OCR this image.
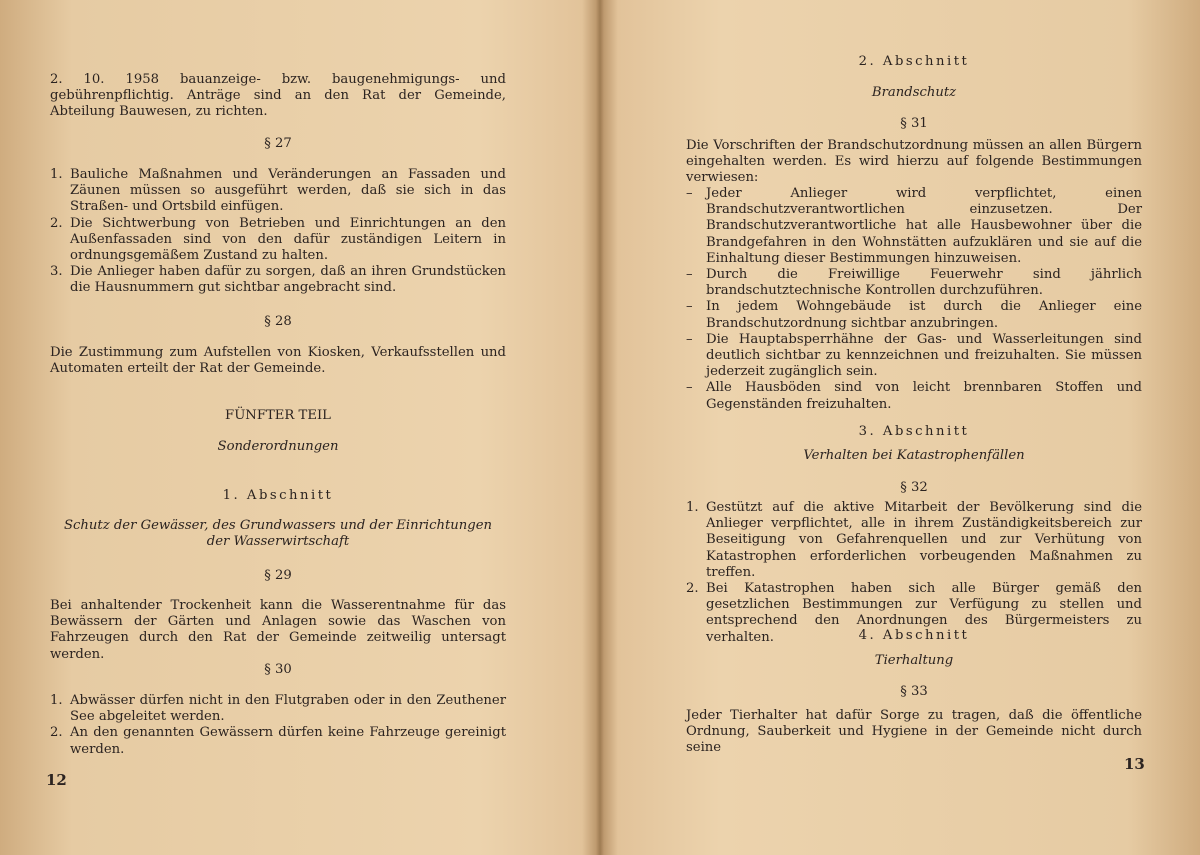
2. 10. 1958 bauanzeige- bzw. baugenehmigungs- und gebührenpflichtig. Anträge sind an den Rat der Gemeinde, Abteilung Bauwesen, zu richten.

§ 27

1. Bauliche Maßnahmen und Veränderungen an Fassaden und Zäunen müssen so ausgeführt werden, daß sie sich in das Straßen- und Ortsbild einfügen.
2. Die Sichtwerbung von Betrieben und Einrichtungen an den Außenfassaden sind von den dafür zuständigen Leitern in ordnungsgemäßem Zustand zu halten.
3. Die Anlieger haben dafür zu sorgen, daß an ihren Grundstücken die Hausnummern gut sichtbar angebracht sind.

§ 28

Die Zustimmung zum Aufstellen von Kiosken, Verkaufsstellen und Automaten erteilt der Rat der Gemeinde.

FÜNFTER TEIL

Sonderordnungen

1. Abschnitt

Schutz der Gewässer, des Grundwassers und der Einrichtungen der Wasserwirtschaft

§ 29

Bei anhaltender Trockenheit kann die Wasserentnahme für das Bewässern der Gärten und Anlagen sowie das Waschen von Fahrzeugen durch den Rat der Gemeinde zeitweilig untersagt werden.

§ 30

1. Abwässer dürfen nicht in den Flutgraben oder in den Zeuthener See abgeleitet werden.
2. An den genannten Gewässern dürfen keine Fahrzeuge gereinigt werden.
12

2. Abschnitt

Brandschutz

§ 31

Die Vorschriften der Brandschutzordnung müssen an allen Bürgern eingehalten werden. Es wird hierzu auf folgende Bestimmungen verwiesen:

– Jeder Anlieger wird verpflichtet, einen Brandschutzverantwortlichen einzusetzen. Der Brandschutzverantwortliche hat alle Hausbewohner über die Brandgefahren in den Wohnstätten aufzuklären und sie auf die Einhaltung dieser Bestimmungen hinzuweisen.
– Durch die Freiwillige Feuerwehr sind jährlich brandschutztechnische Kontrollen durchzuführen.
– In jedem Wohngebäude ist durch die Anlieger eine Brandschutzordnung sichtbar anzubringen.
– Die Hauptabsperrhähne der Gas- und Wasserleitungen sind deutlich sichtbar zu kennzeichnen und freizuhalten. Sie müssen jederzeit zugänglich sein.
– Alle Hausböden sind von leicht brennbaren Stoffen und Gegenständen freizuhalten.

3. Abschnitt

Verhalten bei Katastrophenfällen

§ 32

1. Gestützt auf die aktive Mitarbeit der Bevölkerung sind die Anlieger verpflichtet, alle in ihrem Zuständigkeitsbereich zur Beseitigung von Gefahrenquellen und zur Verhütung von Katastrophen erforderlichen vorbeugenden Maßnahmen zu treffen.
2. Bei Katastrophen haben sich alle Bürger gemäß den gesetzlichen Bestimmungen zur Verfügung zu stellen und entsprechend den Anordnungen des Bürgermeisters zu verhalten.	4. Abschnitt

Tierhaltung

§ 33

Jeder Tierhalter hat dafür Sorge zu tragen, daß die öffentliche Ordnung, Sauberkeit und Hygiene in der Gemeinde nicht durch seine

13
